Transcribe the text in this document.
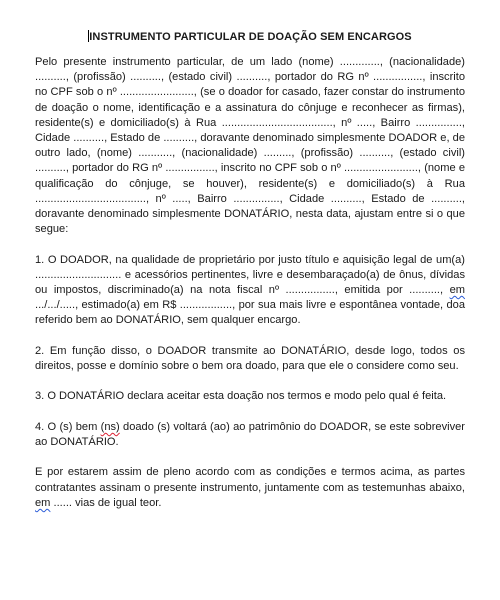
INSTRUMENTO PARTICULAR DE DOAÇÃO SEM ENCARGOS

Pelo presente instrumento particular, de um lado (nome) ............., (nacionalidade) .........., (profissão) .........., (estado civil) .........., portador do RG nº ................, inscrito no CPF sob o nº ........................, (se o doador for casado, fazer constar do instrumento de doação o nome, identificação e a assinatura do cônjuge e reconhecer as firmas), residente(s) e domiciliado(s) à Rua ...................................., nº ....., Bairro ..............., Cidade .........., Estado de .........., doravante denominado simplesmente DOADOR e, de outro lado, (nome) ..........., (nacionalidade) ........., (profissão) .........., (estado civil) .........., portador do RG nº ................, inscrito no CPF sob o nº ........................, (nome e qualificação do cônjuge, se houver), residente(s) e domiciliado(s) à Rua ...................................., nº ....., Bairro ..............., Cidade .........., Estado de .........., doravante denominado simplesmente DONATÁRIO, nesta data, ajustam entre si o que segue:

1. O DOADOR, na qualidade de proprietário por justo título e aquisição legal de um(a) ............................ e acessórios pertinentes, livre e desembaraçado(a) de ônus, dívidas ou impostos, discriminado(a) na nota fiscal nº ................, emitida por .........., em .../.../....., estimado(a) em R$ ................., por sua mais livre e espontânea vontade, doa referido bem ao DONATÁRIO, sem qualquer encargo.

2. Em função disso, o DOADOR transmite ao DONATÁRIO, desde logo, todos os direitos, posse e domínio sobre o bem ora doado, para que ele o considere como seu.

3. O DONATÁRIO declara aceitar esta doação nos termos e modo pelo qual é feita.

4. O (s) bem (ns) doado (s) voltará (ao) ao patrimônio do DOADOR, se este sobreviver ao DONATÁRIO.

E por estarem assim de pleno acordo com as condições e termos acima, as partes contratantes assinam o presente instrumento, juntamente com as testemunhas abaixo, em ...... vias de igual teor.
